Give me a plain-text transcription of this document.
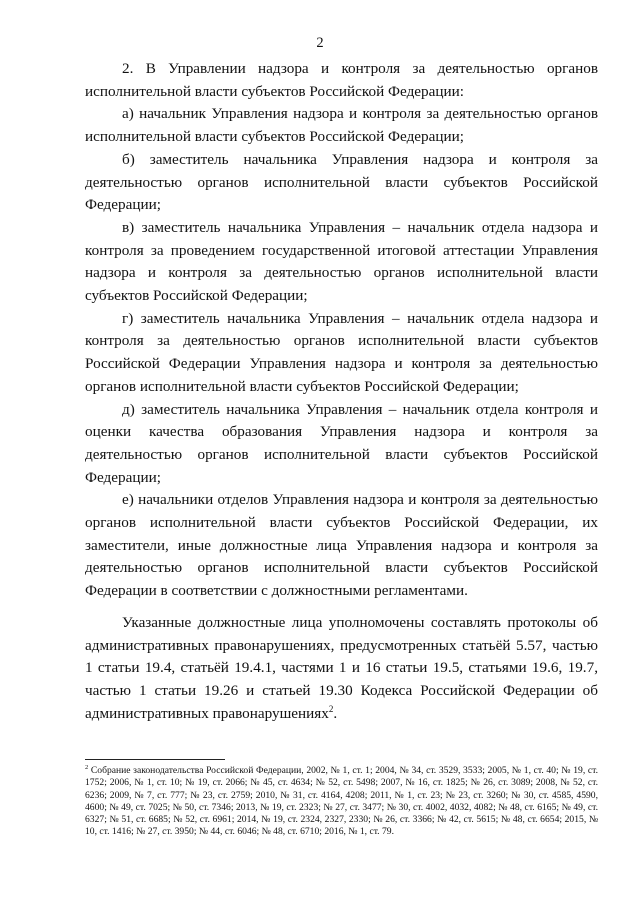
2

2. В Управлении надзора и контроля за деятельностью органов исполнительной власти субъектов Российской Федерации:

а) начальник Управления надзора и контроля за деятельностью органов исполнительной власти субъектов Российской Федерации;

б) заместитель начальника Управления надзора и контроля за деятельностью органов исполнительной власти субъектов Российской Федерации;

в) заместитель начальника Управления – начальник отдела надзора и контроля за проведением государственной итоговой аттестации Управления надзора и контроля за деятельностью органов исполнительной власти субъектов Российской Федерации;

г) заместитель начальника Управления – начальник отдела надзора и контроля за деятельностью органов исполнительной власти субъектов Российской Федерации Управления надзора и контроля за деятельностью органов исполнительной власти субъектов Российской Федерации;

д) заместитель начальника Управления – начальник отдела контроля и оценки качества образования Управления надзора и контроля за деятельностью органов исполнительной власти субъектов Российской Федерации;

е) начальники отделов Управления надзора и контроля за деятельностью органов исполнительной власти субъектов Российской Федерации, их заместители, иные должностные лица Управления надзора и контроля за деятельностью органов исполнительной власти субъектов Российской Федерации в соответствии с должностными регламентами.

Указанные должностные лица уполномочены составлять протоколы об административных правонарушениях, предусмотренных статьёй 5.57, частью 1 статьи 19.4, статьёй 19.4.1, частями 1 и 16 статьи 19.5, статьями 19.6, 19.7, частью 1 статьи 19.26 и статьей 19.30 Кодекса Российской Федерации об административных правонарушениях$^2$.

$^2$ Собрание законодательства Российской Федерации, 2002, № 1, ст. 1; 2004, № 34, ст. 3529, 3533; 2005, № 1, ст. 40; № 19, ст. 1752; 2006, № 1, ст. 10; № 19, ст. 2066; № 45, ст. 4634; № 52, ст. 5498; 2007, № 16, ст. 1825; № 26, ст. 3089; 2008, № 52, ст. 6236; 2009, № 7, ст. 777; № 23, ст. 2759; 2010, № 31, ст. 4164, 4208; 2011, № 1, ст. 23; № 23, ст. 3260; № 30, ст. 4585, 4590, 4600; № 49, ст. 7025; № 50, ст. 7346; 2013, № 19, ст. 2323; № 27, ст. 3477; № 30, ст. 4002, 4032, 4082; № 48, ст. 6165; № 49, ст. 6327; № 51, ст. 6685; № 52, ст. 6961; 2014, № 19, ст. 2324, 2327, 2330; № 26, ст. 3366; № 42, ст. 5615; № 48, ст. 6654; 2015, № 10, ст. 1416; № 27, ст. 3950; № 44, ст. 6046; № 48, ст. 6710; 2016, № 1, ст. 79.
